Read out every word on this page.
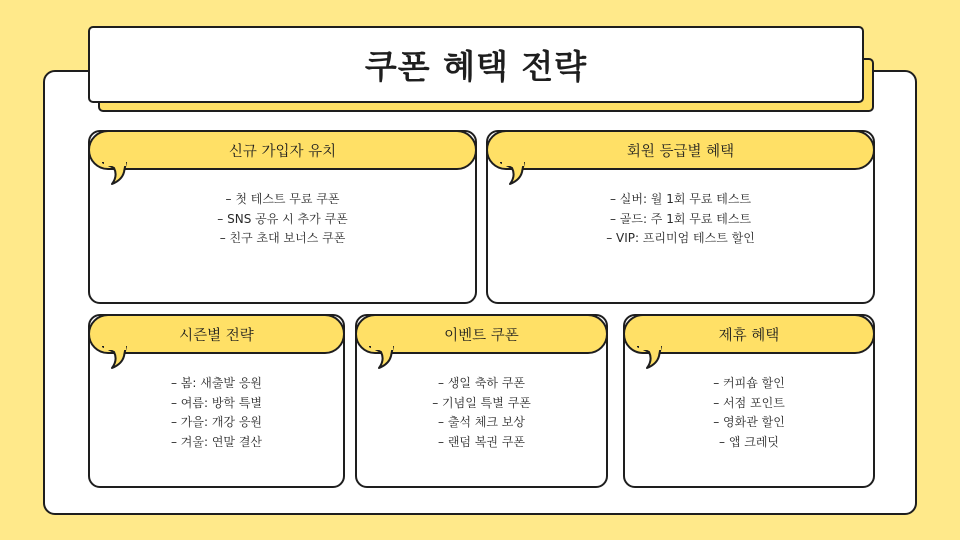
쿠폰 혜택 전략
신규 가입자 유치
– 첫 테스트 무료 쿠폰
– SNS 공유 시 추가 쿠폰
– 친구 초대 보너스 쿠폰
회원 등급별 혜택
– 실버: 월 1회 무료 테스트
– 골드: 주 1회 무료 테스트
– VIP: 프리미엄 테스트 할인
시즌별 전략
– 봄: 새출발 응원
– 여름: 방학 특별
– 가을: 개강 응원
– 겨울: 연말 결산
이벤트 쿠폰
– 생일 축하 쿠폰
– 기념일 특별 쿠폰
– 출석 체크 보상
– 랜덤 복권 쿠폰
제휴 혜택
– 커피숍 할인
– 서점 포인트
– 영화관 할인
– 앱 크레딧
